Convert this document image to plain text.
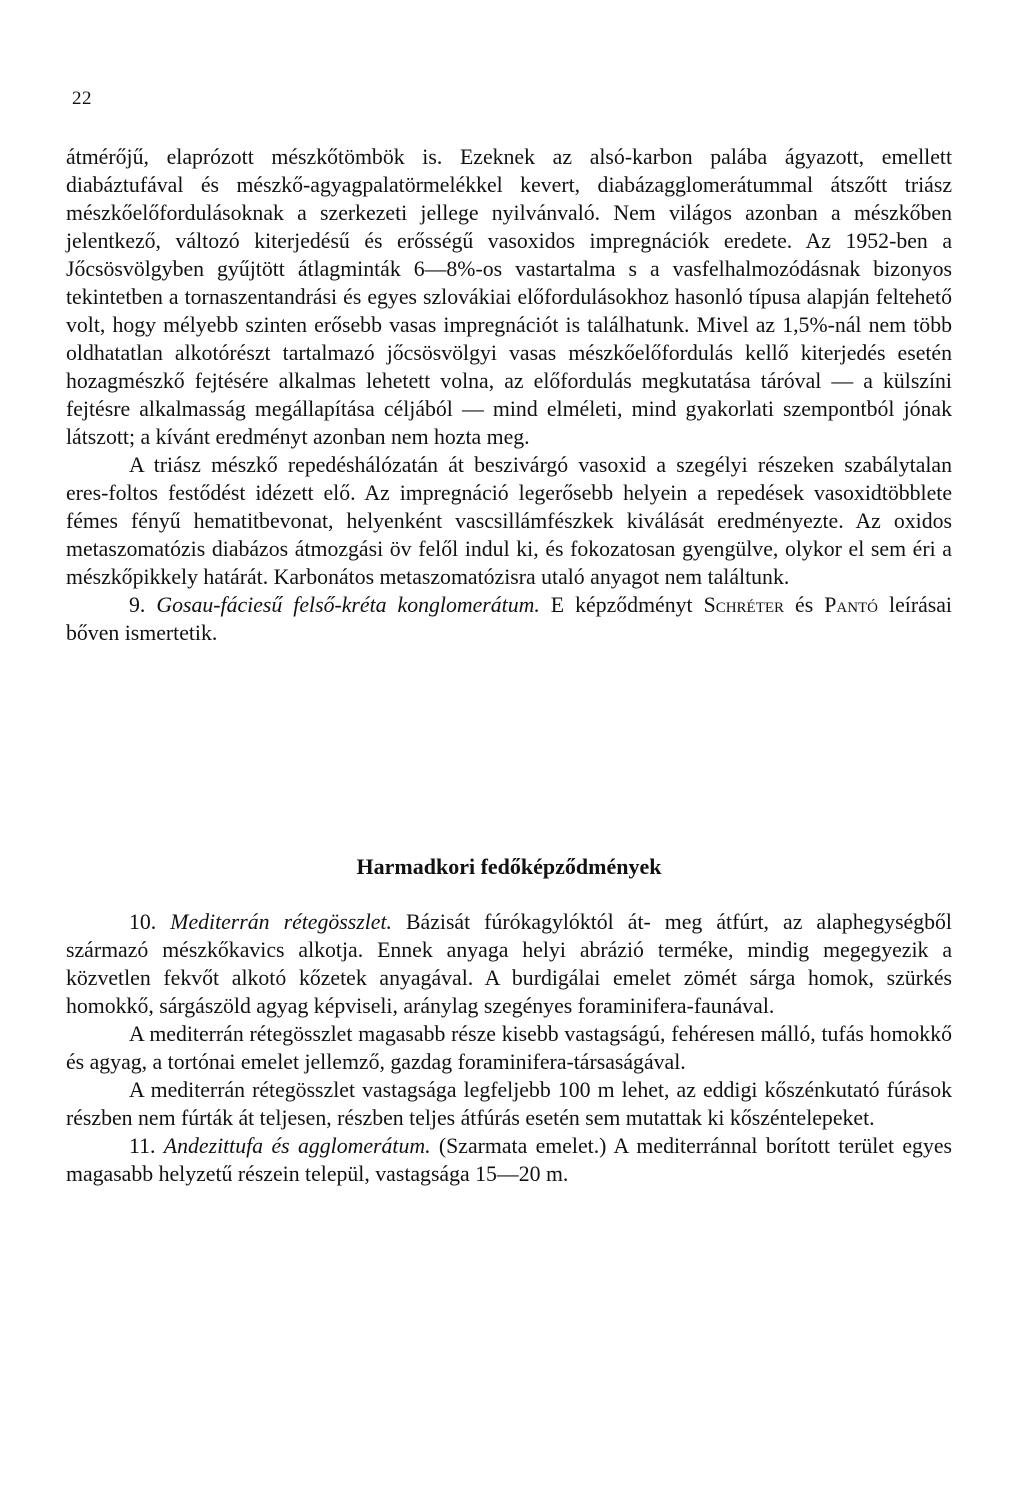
22

átmérőjű, elaprózott mészkőtömbök is. Ezeknek az alsó-karbon palába ágyazott, emellett diabáztufával és mészkő-agyagpalatörmelékkel kevert, diabázagglomerátummal átszőtt triász mészkőelőfordulásoknak a szerkezeti jellege nyilvánvaló. Nem világos azonban a mészkőben jelentkező, változó kiterjedésű és erősségű vasoxidos impregnációk eredete. Az 1952-ben a Jőcsösvölgyben gyűjtött átlagminták 6—8%-os vastartalma s a vasfelhalmozódásnak bizonyos tekintetben a tornaszentandrási és egyes szlovákiai előfordulásokhoz hasonló típusa alapján feltehető volt, hogy mélyebb szinten erősebb vasas impregnációt is találhatunk. Mivel az 1,5%-nál nem több oldhatatlan alkotórészt tartalmazó jőcsösvölgyi vasas mészkőelőfordulás kellő kiterjedés esetén hozagmészkő fejtésére alkalmas lehetett volna, az előfordulás megkutatása táróval — a külszíni fejtésre alkalmasság megállapítása céljából — mind elméleti, mind gyakorlati szempontból jónak látszott; a kívánt eredményt azonban nem hozta meg.

A triász mészkő repedéshálózatán át beszivárgó vasoxid a szegélyi részeken szabálytalan eres-foltos festődést idézett elő. Az impregnáció legerősebb helyein a repedések vasoxidtöbblete fémes fényű hematitbevonat, helyenként vascsillámfészkek kiválását eredményezte. Az oxidos metaszomatózis diabázos átmozgási öv felől indul ki, és fokozatosan gyengülve, olykor el sem éri a mészkőpikkely határát. Karbonátos metaszomatózisra utaló anyagot nem találtunk.

9. Gosau-fáciesű felső-kréta konglomerátum. E képződményt Schréter és Pantó leírásai bőven ismertetik.

Harmadkori fedőképződmények

10. Mediterrán rétegösszlet. Bázisát fúrókagylóktól át- meg átfúrt, az alaphegységből származó mészkőkavics alkotja. Ennek anyaga helyi abrázió terméke, mindig megegyezik a közvetlen fekvőt alkotó kőzetek anyagával. A burdigálai emelet zömét sárga homok, szürkés homokkő, sárgászöld agyag képviseli, aránylag szegényes foraminifera-faunával.

A mediterrán rétegösszlet magasabb része kisebb vastagságú, fehéresen málló, tufás homokkő és agyag, a tortónai emelet jellemző, gazdag foraminifera-társaságával.

A mediterrán rétegösszlet vastagsága legfeljebb 100 m lehet, az eddigi kőszénkutató fúrások részben nem fúrták át teljesen, részben teljes átfúrás esetén sem mutattak ki kőszéntelepeket.

11. Andezittufa és agglomerátum. (Szarmata emelet.) A mediterránnal borított terület egyes magasabb helyzetű részein települ, vastagsága 15—20 m.
